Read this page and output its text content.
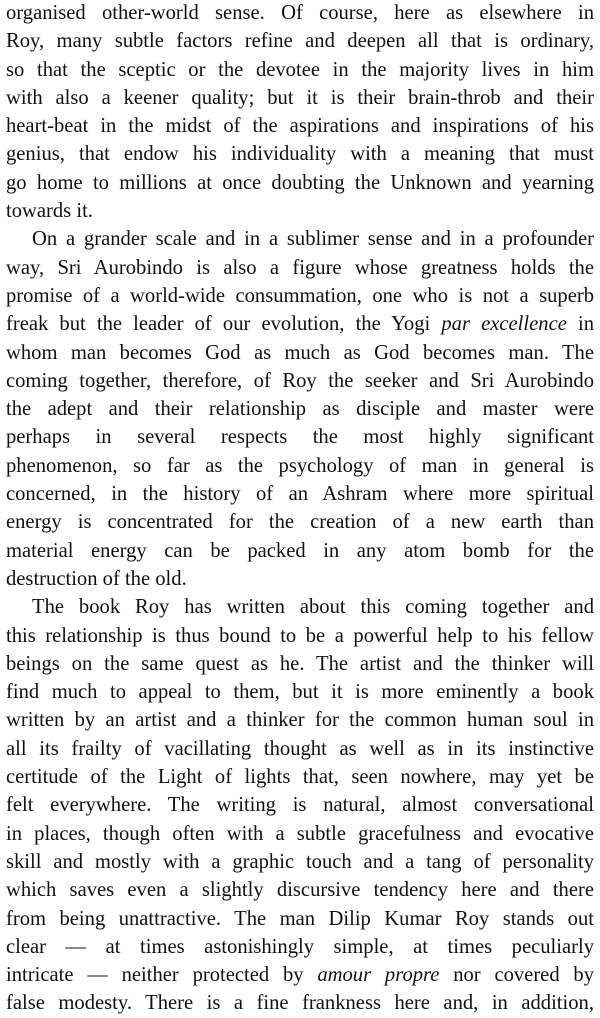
organised other-world sense. Of course, here as elsewhere in
Roy, many subtle factors refine and deepen all that is ordinary,
so that the sceptic or the devotee in the majority lives in him
with also a keener quality; but it is their brain-throb and their
heart-beat in the midst of the aspirations and inspirations of his
genius, that endow his individuality with a meaning that must
go home to millions at once doubting the Unknown and yearning
towards it.
On a grander scale and in a sublimer sense and in a profounder
way, Sri Aurobindo is also a figure whose greatness holds the
promise of a world-wide consummation, one who is not a superb
freak but the leader of our evolution, the Yogi par excellence in
whom man becomes God as much as God becomes man. The
coming together, therefore, of Roy the seeker and Sri Aurobindo
the adept and their relationship as disciple and master were
perhaps in several respects the most highly significant
phenomenon, so far as the psychology of man in general is
concerned, in the history of an Ashram where more spiritual
energy is concentrated for the creation of a new earth than
material energy can be packed in any atom bomb for the
destruction of the old.
The book Roy has written about this coming together and
this relationship is thus bound to be a powerful help to his fellow
beings on the same quest as he. The artist and the thinker will
find much to appeal to them, but it is more eminently a book
written by an artist and a thinker for the common human soul in
all its frailty of vacillating thought as well as in its instinctive
certitude of the Light of lights that, seen nowhere, may yet be
felt everywhere. The writing is natural, almost conversational
in places, though often with a subtle gracefulness and evocative
skill and mostly with a graphic touch and a tang of personality
which saves even a slightly discursive tendency here and there
from being unattractive. The man Dilip Kumar Roy stands out
clear — at times astonishingly simple, at times peculiarly
intricate — neither protected by amour propre nor covered by
false modesty. There is a fine frankness here and, in addition,
